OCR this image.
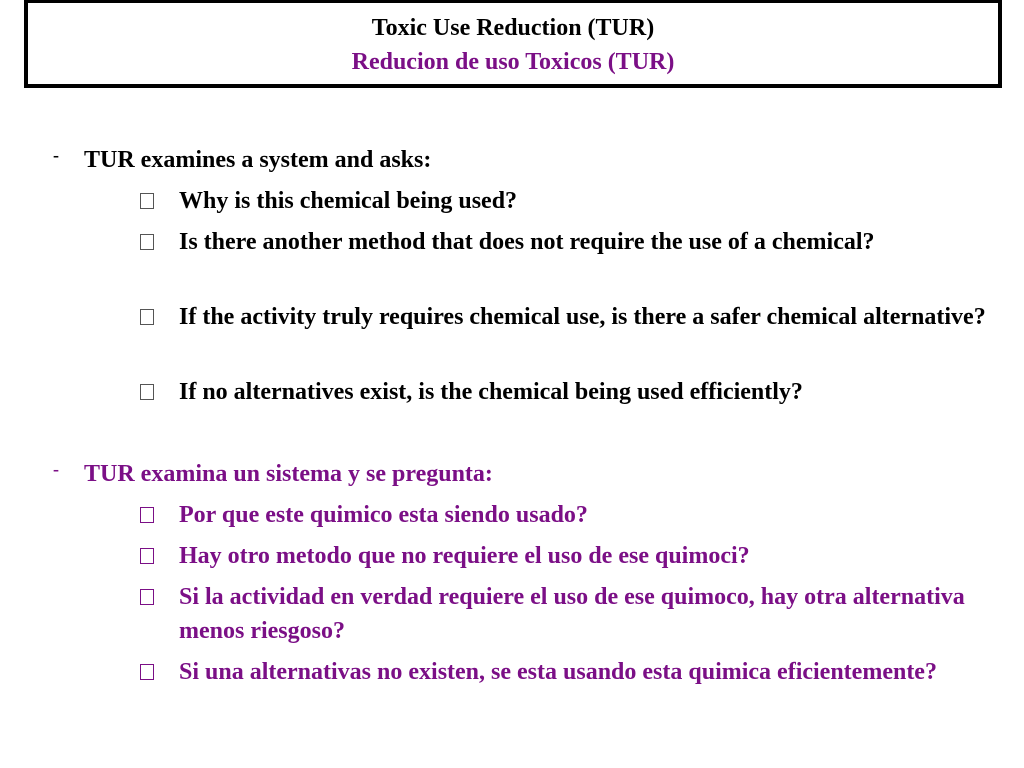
Toxic Use Reduction (TUR)
Reducion de uso Toxicos (TUR)
- TUR examines a system and asks:
Why is this chemical being used?
Is there another method that does not require the use of a chemical?
If the activity truly requires chemical use, is there a safer chemical alternative?
If no alternatives exist, is the chemical being used efficiently?
- TUR examina un sistema y se pregunta:
Por que este quimico esta siendo usado?
Hay otro metodo que no requiere el uso de ese quimoci?
Si la actividad en verdad requiere el uso de ese quimoco, hay otra alternativa menos riesgoso?
Si una alternativas no existen, se esta usando esta quimica eficientemente?
